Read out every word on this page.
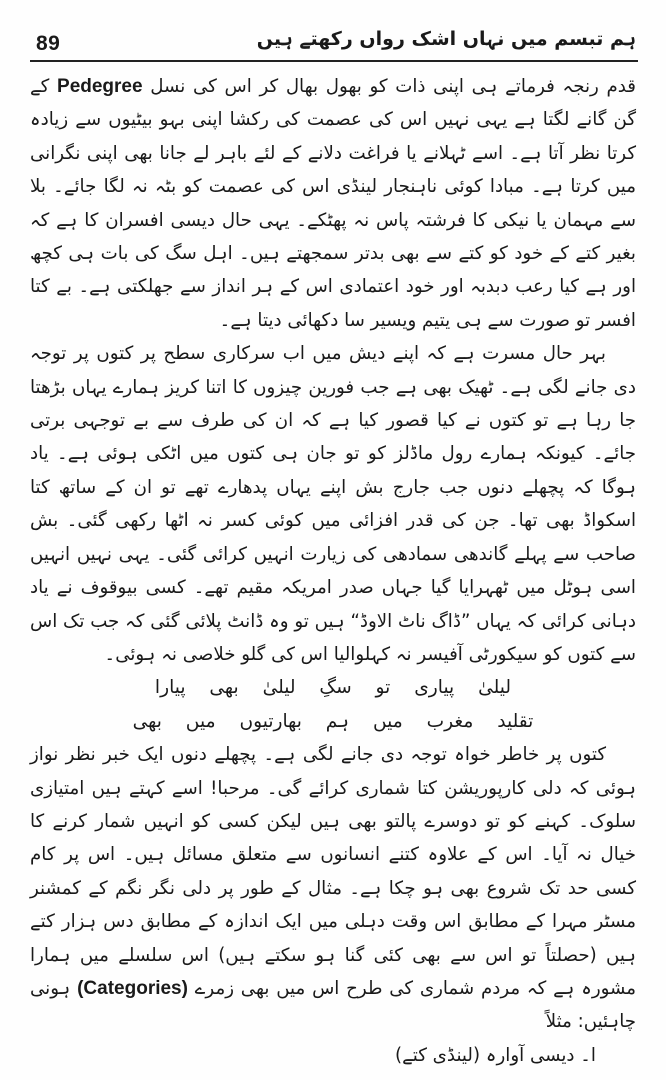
89	ہم تبسم میں نہاں اشک رواں رکھتے ہیں

قدم رنجہ فرماتے ہی اپنی ذات کو بھول بھال کر اس کی نسل Pedegree کے گن گانے لگتا ہے یہی نہیں اس کی عصمت کی رکشا اپنی بہو بیٹیوں سے زیادہ کرتا نظر آتا ہے۔ اسے ٹہلانے یا فراغت دلانے کے لئے باہر لے جانا بھی اپنی نگرانی میں کرتا ہے۔ مبادا کوئی ناہنجار لینڈی اس کی عصمت کو بٹہ نہ لگا جائے۔ بلا سے مہمان یا نیکی کا فرشتہ پاس نہ پھٹکے۔ یہی حال دیسی افسران کا ہے کہ بغیر کتے کے خود کو کتے سے بھی بدتر سمجھتے ہیں۔ اہل سگ کی بات ہی کچھ اور ہے کیا رعب دبدبہ اور خود اعتمادی اس کے ہر انداز سے جھلکتی ہے۔ بے کتا افسر تو صورت سے ہی یتیم ویسیر سا دکھائی دیتا ہے۔

بہر حال مسرت ہے کہ اپنے دیش میں اب سرکاری سطح پر کتوں پر توجہ دی جانے لگی ہے۔ ٹھیک بھی ہے جب فورین چیزوں کا اتنا کریز ہمارے یہاں بڑھتا جا رہا ہے تو کتوں نے کیا قصور کیا ہے کہ ان کی طرف سے بے توجہی برتی جائے۔ کیونکہ ہمارے رول ماڈلز کو تو جان ہی کتوں میں اٹکی ہوئی ہے۔ یاد ہوگا کہ پچھلے دنوں جب جارج بش اپنے یہاں پدھارے تھے تو ان کے ساتھ کتا اسکواڈ بھی تھا۔ جن کی قدر افزائی میں کوئی کسر نہ اٹھا رکھی گئی۔ بش صاحب سے پہلے گاندھی سمادھی کی زیارت انہیں کرائی گئی۔ یہی نہیں انہیں اسی ہوٹل میں ٹھہرایا گیا جہاں صدر امریکہ مقیم تھے۔ کسی بیوقوف نے یاد دہانی کرائی کہ یہاں ”ڈاگ ناٹ الاوڈ“ ہیں تو وہ ڈانٹ پلائی گئی کہ جب تک اس سے کتوں کو سیکورٹی آفیسر نہ کہلوالیا اس کی گلو خلاصی نہ ہوئی۔

لیلیٰ پیاری تو سگِ لیلیٰ بھی پیارا
تقلید مغرب میں ہم بھارتیوں میں بھی

کتوں پر خاطر خواہ توجہ دی جانے لگی ہے۔ پچھلے دنوں ایک خبر نظر نواز ہوئی کہ دلی کارپوریشن کتا شماری کرائے گی۔ مرحبا! اسے کہتے ہیں امتیازی سلوک۔ کہنے کو تو دوسرے پالتو بھی ہیں لیکن کسی کو انہیں شمار کرنے کا خیال نہ آیا۔ اس کے علاوہ کتنے انسانوں سے متعلق مسائل ہیں۔ اس پر کام کسی حد تک شروع بھی ہو چکا ہے۔ مثال کے طور پر دلی نگر نگم کے کمشنر مسٹر مہرا کے مطابق اس وقت دہلی میں ایک اندازہ کے مطابق دس ہزار کتے ہیں (حصلتاً تو اس سے بھی کئی گنا ہو سکتے ہیں) اس سلسلے میں ہمارا مشورہ ہے کہ مردم شماری کی طرح اس میں بھی زمرے (Categories) ہونی چاہئیں: مثلاً

ا۔ دیسی آوارہ (لینڈی کتے)
